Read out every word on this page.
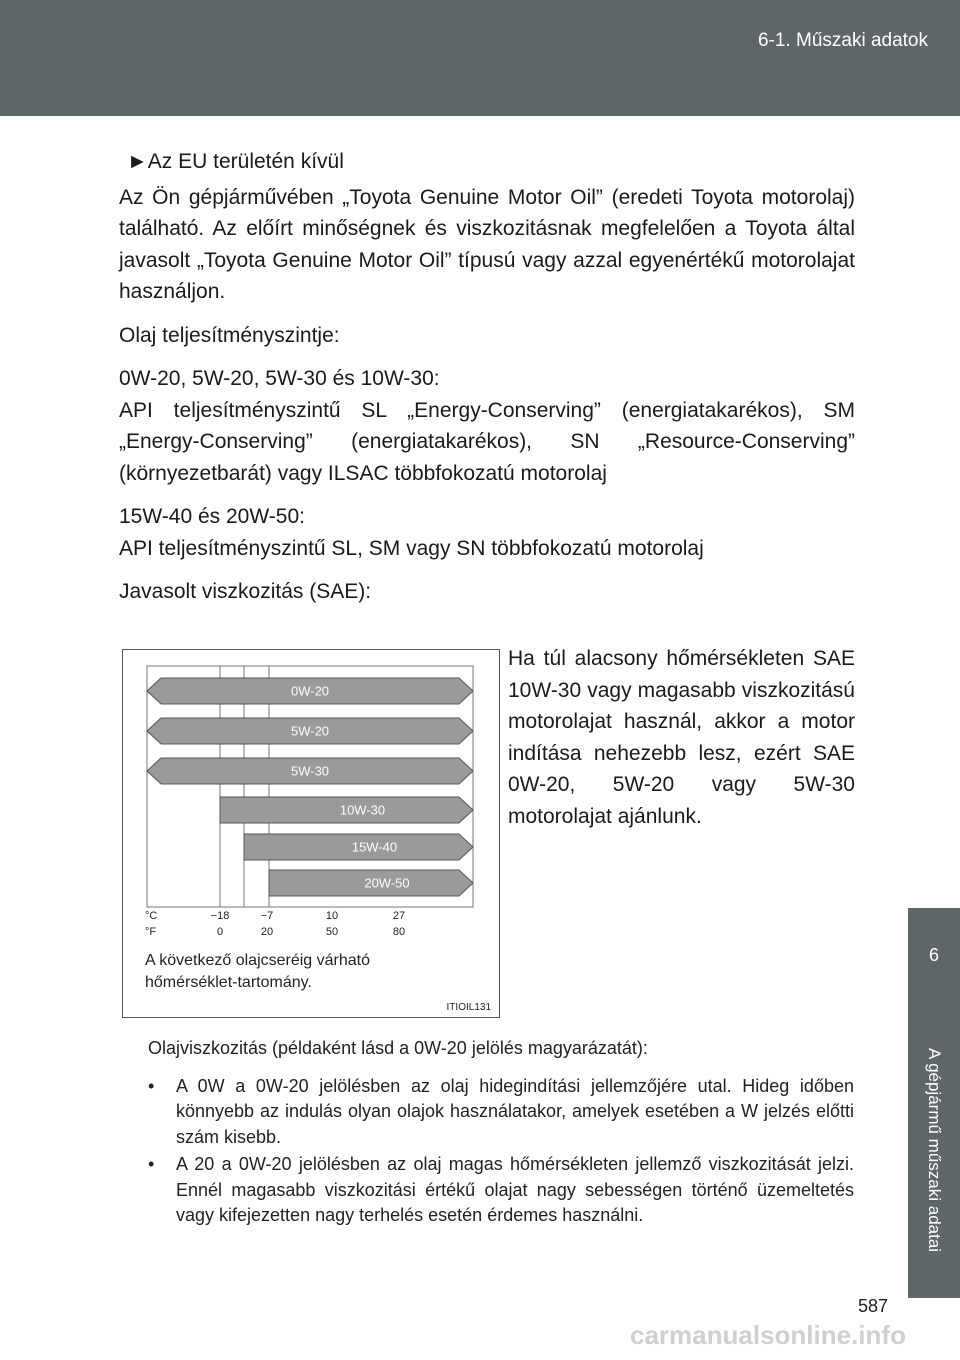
6-1. Műszaki adatok
6
A gépjármű műszaki adatai

►Az EU területén kívül

Az Ön gépjárművében „Toyota Genuine Motor Oil” (eredeti Toyota motorolaj) található. Az előírt minőségnek és viszkozitásnak megfelelően a Toyota által javasolt „Toyota Genuine Motor Oil” típusú vagy azzal egyenértékű motorolajat használjon.

Olaj teljesítményszintje:

0W-20, 5W-20, 5W-30 és 10W-30:

API teljesítményszintű SL „Energy-Conserving” (energiatakarékos), SM „Energy-Conserving” (energiatakarékos), SN „Resource-Conserving” (környezetbarát) vagy ILSAC többfokozatú motorolaj

15W-40 és 20W-50:

API teljesítményszintű SL, SM vagy SN többfokozatú motorolaj

Javasolt viszkozitás (SAE):

0W-20
5W-20
5W-30
10W-30
15W-40
20W-50
°C
°F
−18	−7	10	27
0	20	50	80
A következő olajcseréig várható
hőmérséklet-tartomány.
ITIOIL131
Ha túl alacsony hőmérsékleten SAE 10W-30 vagy magasabb viszkozitású motorolajat használ, akkor a motor indítása nehezebb lesz, ezért SAE 0W-20, 5W-20 vagy 5W-30 motorolajat ajánlunk.

Olajviszkozitás (példaként lásd a 0W-20 jelölés magyarázatát):

• A 0W a 0W-20 jelölésben az olaj hidegindítási jellemzőjére utal. Hideg időben könnyebb az indulás olyan olajok használatakor, amelyek esetében a W jelzés előtti szám kisebb.
• A 20 a 0W-20 jelölésben az olaj magas hőmérsékleten jellemző viszkozitását jelzi. Ennél magasabb viszkozitási értékű olajat nagy sebességen történő üzemeltetés vagy kifejezetten nagy terhelés esetén érdemes használni.
587
carmanualsonline.info
